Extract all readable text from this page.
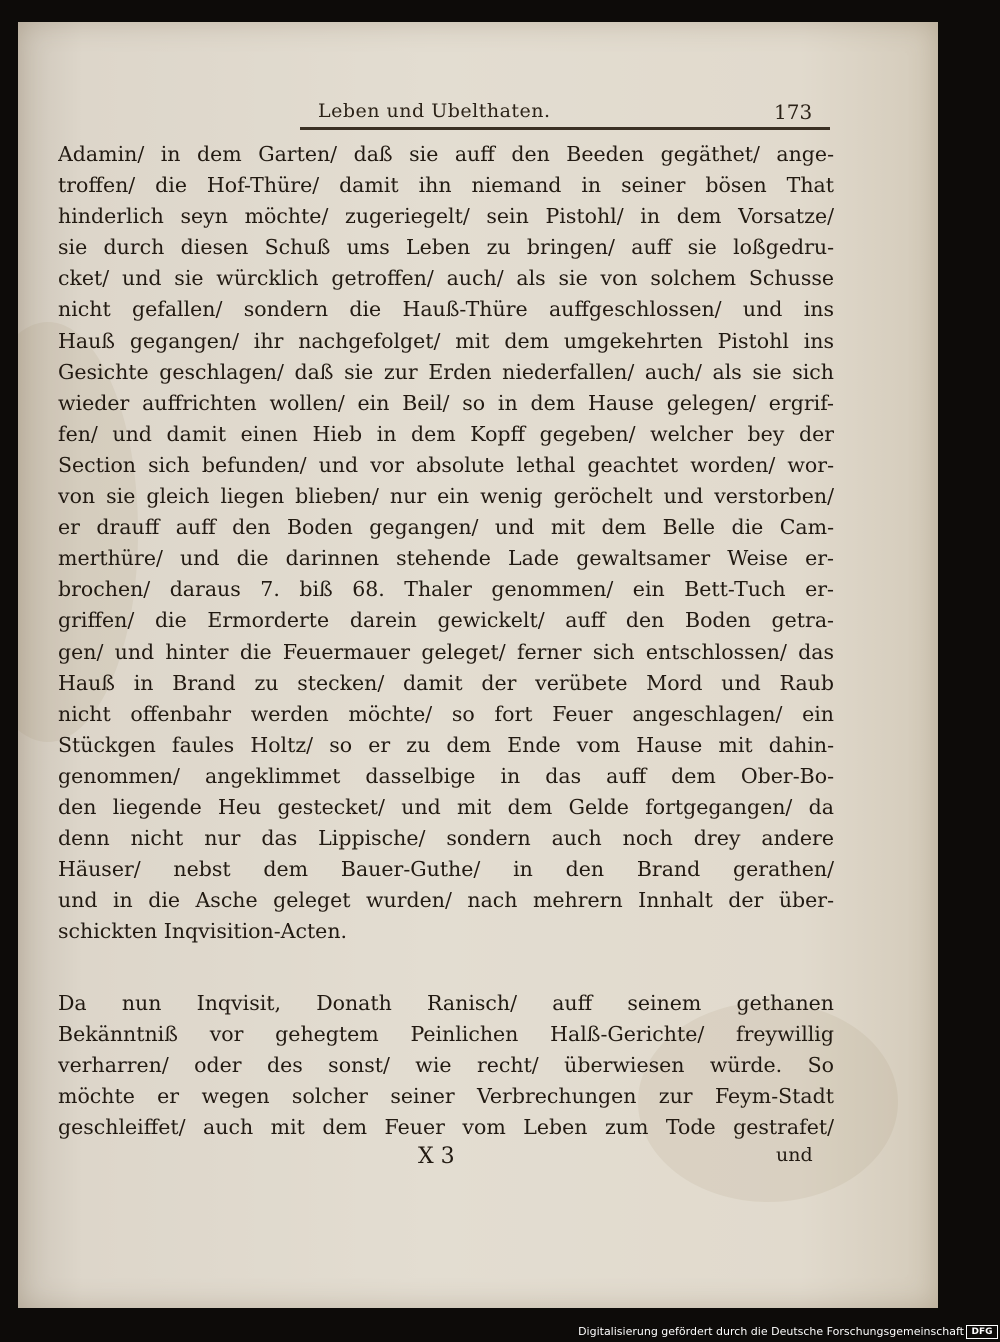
Leben und Ubelthaten.	173
Adamin/ in dem Garten/ daß sie auff den Beeden gegäthet/ ange-
troffen/ die Hof-Thüre/ damit ihn niemand in seiner bösen That
hinderlich seyn möchte/ zugeriegelt/ sein Pistohl/ in dem Vorsatze/
sie durch diesen Schuß ums Leben zu bringen/ auff sie loßgedru-
cket/ und sie würcklich getroffen/ auch/ als sie von solchem Schusse
nicht gefallen/ sondern die Hauß-Thüre auffgeschlossen/ und ins
Hauß gegangen/ ihr nachgefolget/ mit dem umgekehrten Pistohl ins
Gesichte geschlagen/ daß sie zur Erden niederfallen/ auch/ als sie sich
wieder auffrichten wollen/ ein Beil/ so in dem Hause gelegen/ ergrif-
fen/ und damit einen Hieb in dem Kopff gegeben/ welcher bey der
Section sich befunden/ und vor absolute lethal geachtet worden/ wor-
von sie gleich liegen blieben/ nur ein wenig geröchelt und verstorben/
er drauff auff den Boden gegangen/ und mit dem Belle die Cam-
merthüre/ und die darinnen stehende Lade gewaltsamer Weise er-
brochen/ daraus 7. biß 68. Thaler genommen/ ein Bett-Tuch er-
griffen/ die Ermorderte darein gewickelt/ auff den Boden getra-
gen/ und hinter die Feuermauer geleget/ ferner sich entschlossen/ das
Hauß in Brand zu stecken/ damit der verübete Mord und Raub
nicht offenbahr werden möchte/ so fort Feuer angeschlagen/ ein
Stückgen faules Holtz/ so er zu dem Ende vom Hause mit dahin-
genommen/ angeklimmet dasselbige in das auff dem Ober-Bo-
den liegende Heu gestecket/ und mit dem Gelde fortgegangen/ da
denn nicht nur das Lippische/ sondern auch noch drey andere
Häuser/ nebst dem Bauer-Guthe/ in den Brand gerathen/
und in die Asche geleget wurden/ nach mehrern Innhalt der über-
schickten Inqvisition-Acten.
Da nun Inqvisit, Donath Ranisch/ auff seinem gethanen
Bekänntniß vor gehegtem Peinlichen Halß-Gerichte/ freywillig
verharren/ oder des sonst/ wie recht/ überwiesen würde. So
möchte er wegen solcher seiner Verbrechungen zur Feym-Stadt
geschleiffet/ auch mit dem Feuer vom Leben zum Tode gestrafet/
X 3	und
Digitalisierung gefördert durch die Deutsche Forschungsgemeinschaft DFG
